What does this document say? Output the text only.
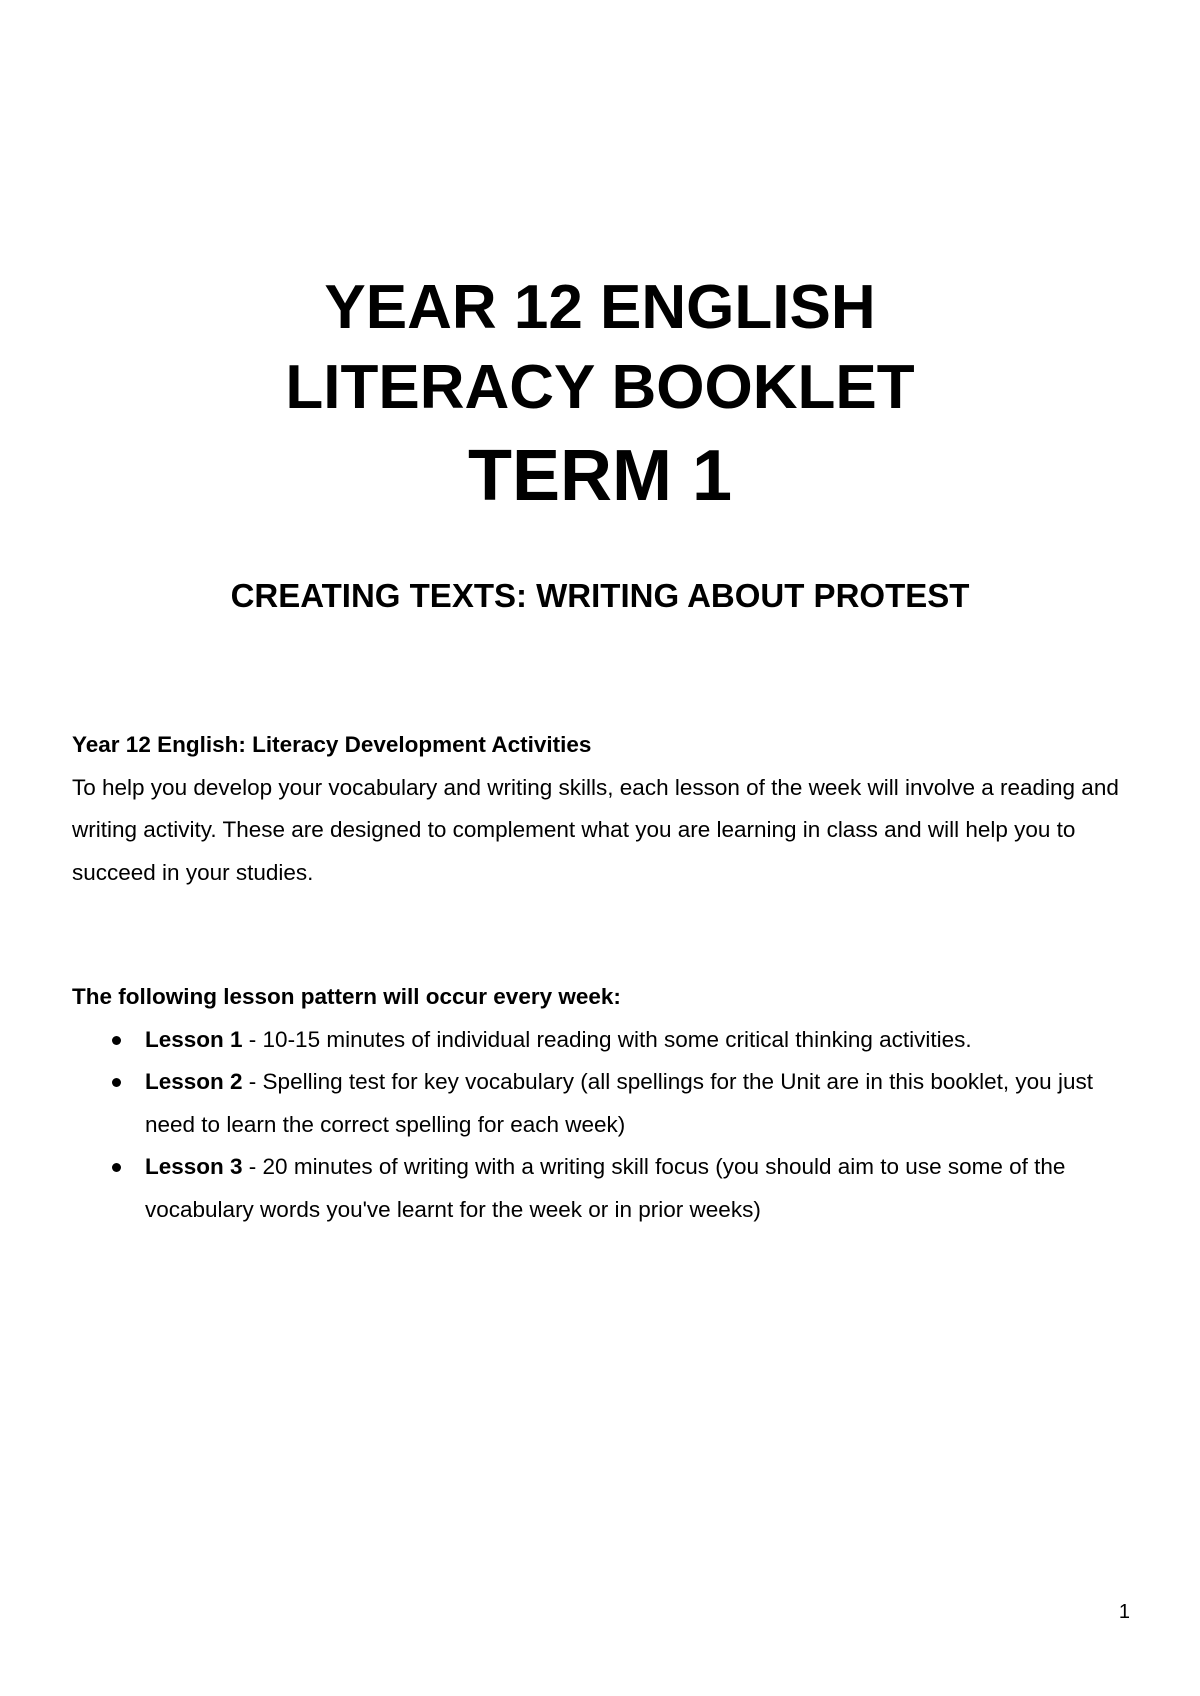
YEAR 12 ENGLISH
LITERACY BOOKLET
TERM 1
CREATING TEXTS: WRITING ABOUT PROTEST
Year 12 English: Literacy Development Activities

To help you develop your vocabulary and writing skills, each lesson of the week will involve a reading and writing activity. These are designed to complement what you are learning in class and will help you to succeed in your studies.

The following lesson pattern will occur every week:
Lesson 1 - 10-15 minutes of individual reading with some critical thinking activities.
Lesson 2 - Spelling test for key vocabulary (all spellings for the Unit are in this booklet, you just need to learn the correct spelling for each week)
Lesson 3 - 20 minutes of writing with a writing skill focus (you should aim to use some of the vocabulary words you've learnt for the week or in prior weeks)
1
